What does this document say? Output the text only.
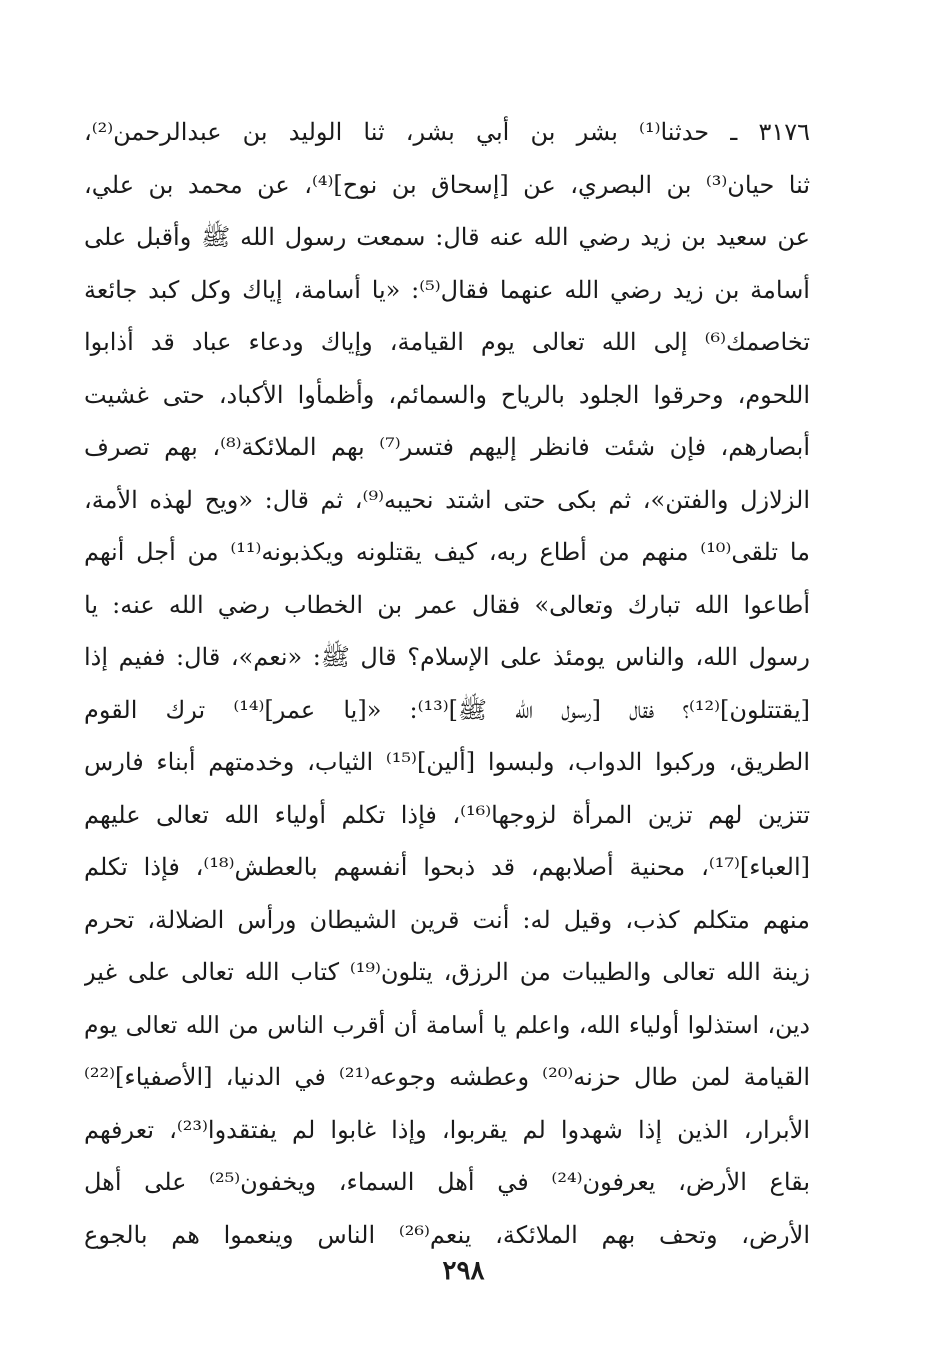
٣١٧٦ ـ حدثنا⁽¹⁾ بشر بن أبي بشر، ثنا الوليد بن عبدالرحمن⁽²⁾،
ثنا حيان⁽³⁾ بن البصري، عن [إسحاق بن نوح]⁽⁴⁾، عن محمد بن علي،
عن سعيد بن زيد رضي الله عنه قال: سمعت رسول الله ﷺ وأقبل على
أسامة بن زيد رضي الله عنهما فقال⁽⁵⁾: «يا أسامة، إياك وكل كبد جائعة
تخاصمك⁽⁶⁾ إلى الله تعالى يوم القيامة، وإياك ودعاء عباد قد أذابوا
اللحوم، وحرقوا الجلود بالرياح والسمائم، وأظمأوا الأكباد، حتى غشيت
أبصارهم، فإن شئت فانظر إليهم فتسر⁽⁷⁾ بهم الملائكة⁽⁸⁾، بهم تصرف
الزلازل والفتن»، ثم بكى حتى اشتد نحيبه⁽⁹⁾، ثم قال: «ويح لهذه الأمة،
ما تلقى⁽¹⁰⁾ منهم من أطاع ربه، كيف يقتلونه ويكذبونه⁽¹¹⁾ من أجل أنهم
أطاعوا الله تبارك وتعالى» فقال عمر بن الخطاب رضي الله عنه: يا
رسول الله، والناس يومئذ على الإسلام؟ قال ﷺ: «نعم»، قال: ففيم إذا
[يقتتلون]⁽¹²⁾؟ فقال [رسول الله ﷺ]⁽¹³⁾: «[يا عمر]⁽¹⁴⁾ ترك القوم
الطريق، وركبوا الدواب، ولبسوا [ألين]⁽¹⁵⁾ الثياب، وخدمتهم أبناء فارس
تتزين لهم تزين المرأة لزوجها⁽¹⁶⁾، فإذا تكلم أولياء الله تعالى عليهم
[العباء]⁽¹⁷⁾، محنية أصلابهم، قد ذبحوا أنفسهم بالعطش⁽¹⁸⁾، فإذا تكلم
منهم متكلم كذب، وقيل له: أنت قرين الشيطان ورأس الضلالة، تحرم
زينة الله تعالى والطيبات من الرزق، يتلون⁽¹⁹⁾ كتاب الله تعالى على غير
دين، استذلوا أولياء الله، واعلم يا أسامة أن أقرب الناس من الله تعالى يوم
القيامة لمن طال حزنه⁽²⁰⁾ وعطشه وجوعه⁽²¹⁾ في الدنيا، [الأصفياء]⁽²²⁾
الأبرار، الذين إذا شهدوا لم يقربوا، وإذا غابوا لم يفتقدوا⁽²³⁾، تعرفهم
بقاع الأرض، يعرفون⁽²⁴⁾ في أهل السماء، ويخفون⁽²⁵⁾ على أهل
الأرض، وتحف بهم الملائكة، ينعم⁽²⁶⁾ الناس وينعموا هم بالجوع
٢٩٨
